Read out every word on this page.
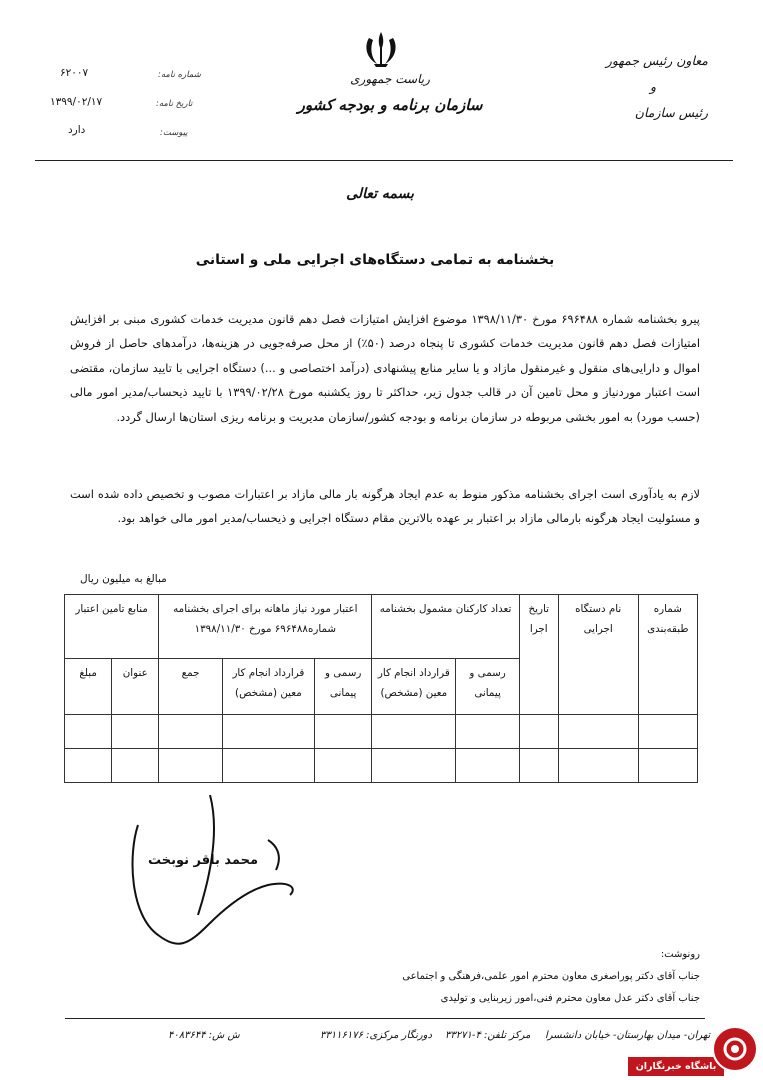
معاون رئیس جمهور
و
رئیس سازمان
ریاست جمهوری
سازمان برنامه و بودجه کشور
شماره نامه:
۶۲۰۰۷
تاریخ نامه:
۱۳۹۹/۰۲/۱۷
پیوست:
دارد
بسمه تعالی
بخشنامه به تمامی دستگاه‌های اجرایی ملی و استانی
پیرو بخشنامه شماره ۶۹۶۴۸۸ مورخ ۱۳۹۸/۱۱/۳۰ موضوع افزایش امتیازات فصل دهم قانون مدیریت خدمات کشوری مبنی بر افزایش امتیازات فصل دهم قانون مدیریت خدمات کشوری تا پنجاه درصد (۵۰٪) از محل صرفه‌جویی در هزینه‌ها، درآمدهای حاصل از فروش اموال و دارایی‌های منقول و غیرمنقول مازاد و یا سایر منابع پیشنهادی (درآمد اختصاصی و ...) دستگاه اجرایی با تایید سازمان، مقتضی است اعتبار موردنیاز و محل تامین آن در قالب جدول زیر، حداکثر تا روز یکشنبه مورخ ۱۳۹۹/۰۲/۲۸ با تایید ذیحساب/مدیر امور مالی (حسب مورد) به امور بخشی مربوطه در سازمان برنامه و بودجه کشور/سازمان مدیریت و برنامه ریزی استان‌ها ارسال گردد.
لازم به یادآوری است اجرای بخشنامه مذکور منوط به عدم ایجاد هرگونه بار مالی مازاد بر اعتبارات مصوب و تخصیص داده شده است و مسئولیت ایجاد هرگونه بارمالی مازاد بر اعتبار بر عهده بالاترین مقام دستگاه اجرایی و ذیحساب/مدیر امور مالی خواهد بود.
مبالغ به میلیون ریال
شماره طبقه‌بندی	نام دستگاه اجرایی	تاریخ اجرا	تعداد کارکنان مشمول بخشنامه		اعتبار مورد نیاز ماهانه برای اجرای بخشنامه شماره۶۹۶۴۸۸ مورخ ۱۳۹۸/۱۱/۳۰			منابع تامین اعتبار	
			رسمی و پیمانی	قرارداد انجام کار معین (مشخص)	رسمی و پیمانی	قرارداد انجام کار معین (مشخص)	جمع	عنوان	مبلغ

محمد باقر نوبخت
رونوشت:
جناب آقای دکتر پوراصغری معاون محترم امور علمی،فرهنگی و اجتماعی
جناب آقای دکتر عدل معاون محترم فنی،امور زیربنایی و تولیدی
تهران- میدان بهارستان- خیابان دانشسرا
مرکز تلفن: ۴-۳۳۲۷۱
دورنگار مرکزی: ۳۳۱۱۶۱۷۶
ش ش: ۴۰۸۳۶۴۴
باشگاه خبرنگاران
